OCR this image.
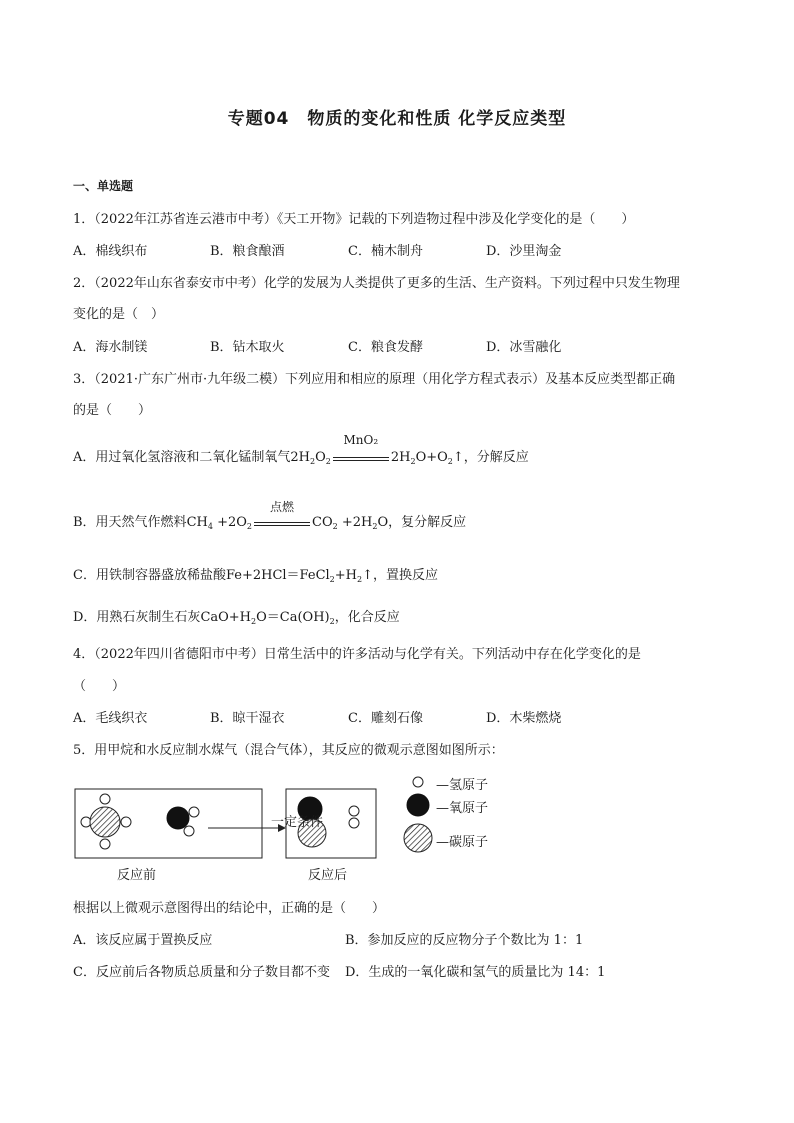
专题04　物质的变化和性质 化学反应类型
一、单选题
1．（2022年江苏省连云港市中考）《天工开物》记载的下列造物过程中涉及化学变化的是（　　）
A．棉线织布	B．粮食酿酒	C．楠木制舟	D．沙里淘金
2．（2022年山东省泰安市中考）化学的发展为人类提供了更多的生活、生产资料。下列过程中只发生物理
变化的是（　）
A．海水制镁	B．钻木取火	C．粮食发酵	D．冰雪融化
3．（2021·广东广州市·九年级二模）下列应用和相应的原理（用化学方程式表示）及基本反应类型都正确
的是（　　）
A．用过氧化氢溶液和二氧化锰制氧气$2H_2O_2$
MnO₂
$2H_2O+O_2↑$，分解反应
B．用天然气作燃料$CH_4 +2O_2$
点燃
$CO_2 +2H_2O$，复分解反应
C．用铁制容器盛放稀盐酸$Fe+2HCl=FeCl_2+H_2↑$，置换反应
D．用熟石灰制生石灰$CaO+H_2O=Ca(OH)_2$，化合反应
4．（2022年四川省德阳市中考）日常生活中的许多活动与化学有关。下列活动中存在化学变化的是
（　　）
A．毛线织衣	B．晾干湿衣	C．雕刻石像	D．木柴燃烧
5．用甲烷和水反应制水煤气（混合气体），其反应的微观示意图如图所示：
一定条件
反应前	反应后
—氢原子
—氧原子
—碳原子
根据以上微观示意图得出的结论中，正确的是（　　）
A．该反应属于置换反应	B．参加反应的反应物分子个数比为 1：1
C．反应前后各物质总质量和分子数目都不变 D．生成的一氧化碳和氢气的质量比为 14：1
